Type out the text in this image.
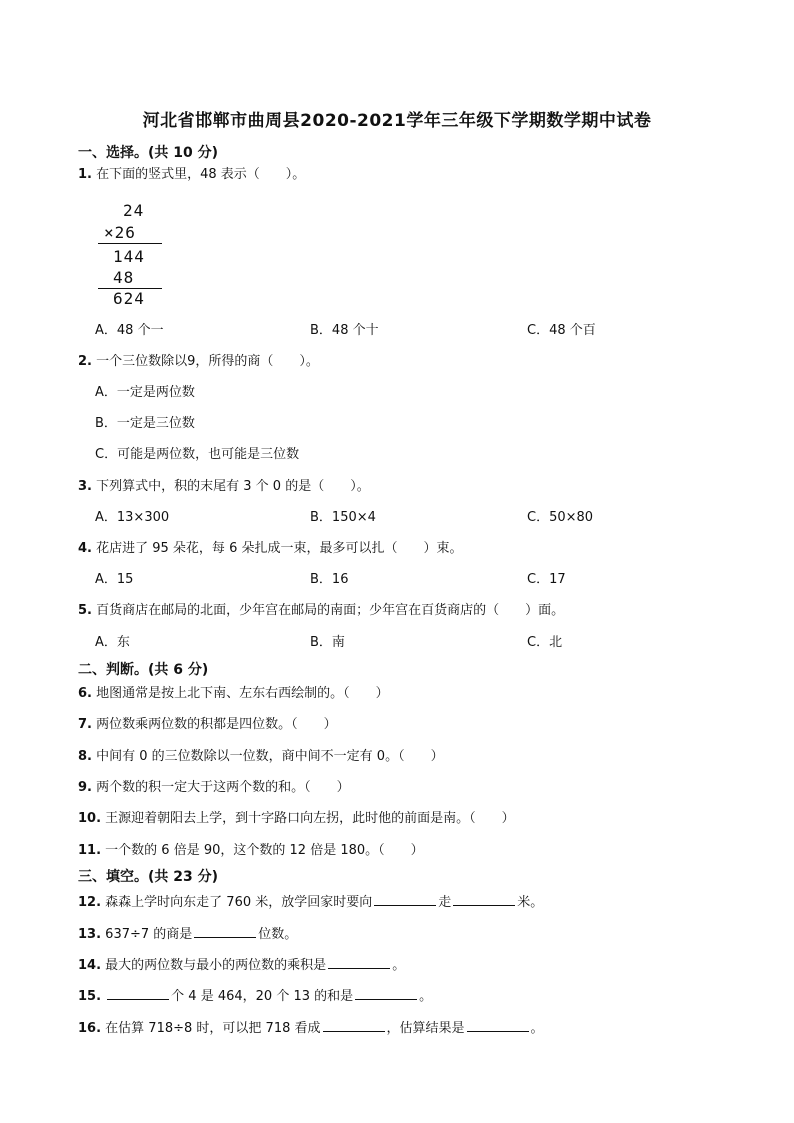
河北省邯郸市曲周县2020-2021学年三年级下学期数学期中试卷
一、选择。(共 10 分)
1. 在下面的竖式里，48 表示（　　）。
24
×26
144
48
624
A．48 个一	B．48 个十	C．48 个百
2. 一个三位数除以9，所得的商（　　）。
A．一定是两位数
B．一定是三位数
C．可能是两位数，也可能是三位数
3. 下列算式中，积的末尾有 3 个 0 的是（　　）。
A．13×300	B．150×4	C．50×80
4. 花店进了 95 朵花，每 6 朵扎成一束，最多可以扎（　　）束。
A．15	B．16	C．17
5. 百货商店在邮局的北面，少年宫在邮局的南面；少年宫在百货商店的（　　）面。
A．东	B．南	C．北
二、判断。(共 6 分)
6. 地图通常是按上北下南、左东右西绘制的。（　　）
7. 两位数乘两位数的积都是四位数。（　　）
8. 中间有 0 的三位数除以一位数，商中间不一定有 0。（　　）
9. 两个数的积一定大于这两个数的和。（　　）
10. 王源迎着朝阳去上学，到十字路口向左拐，此时他的前面是南。（　　）
11. 一个数的 6 倍是 90，这个数的 12 倍是 180。（　　）
三、填空。(共 23 分)
12. 森森上学时向东走了 760 米，放学回家时要向	走	米。
13. 637÷7 的商是	位数。
14. 最大的两位数与最小的两位数的乘积是	。
15.	个 4 是 464，20 个 13 的和是	。
16. 在估算 718÷8 时，可以把 718 看成	，估算结果是	。
